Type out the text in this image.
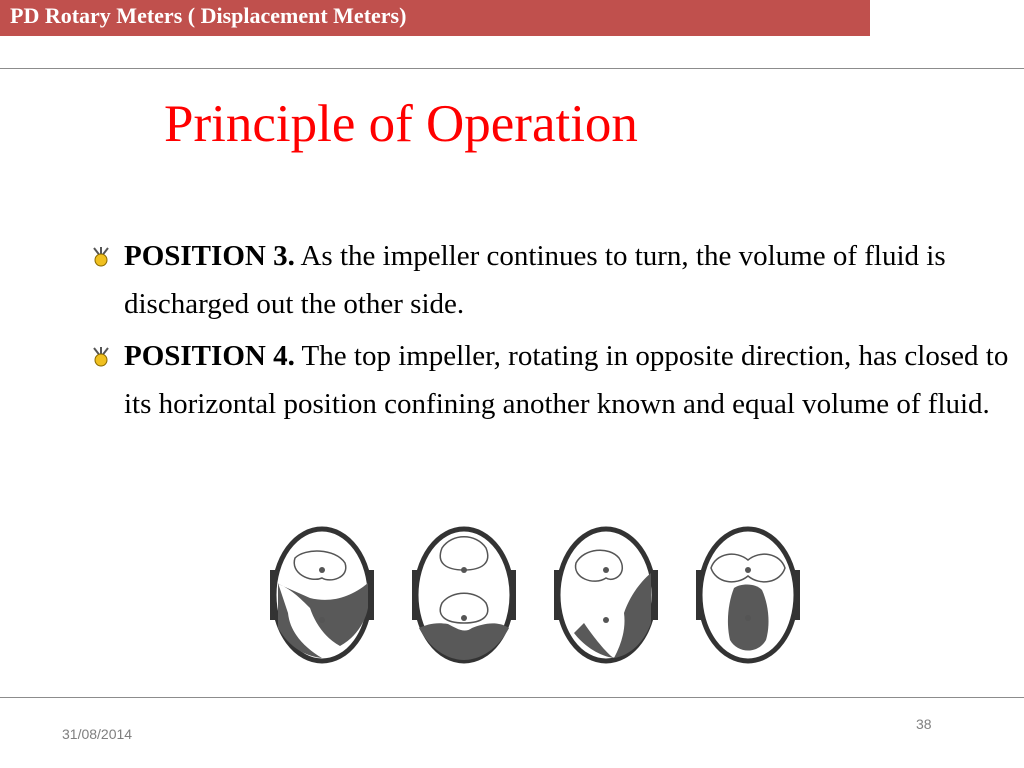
PD Rotary Meters ( Displacement Meters)
Principle of Operation
POSITION 3. As the impeller continues to turn, the volume of fluid is discharged out the other side.
POSITION 4. The top impeller, rotating in opposite direction, has closed to its horizontal position confining another known and equal volume of fluid.
31/08/2014
38
